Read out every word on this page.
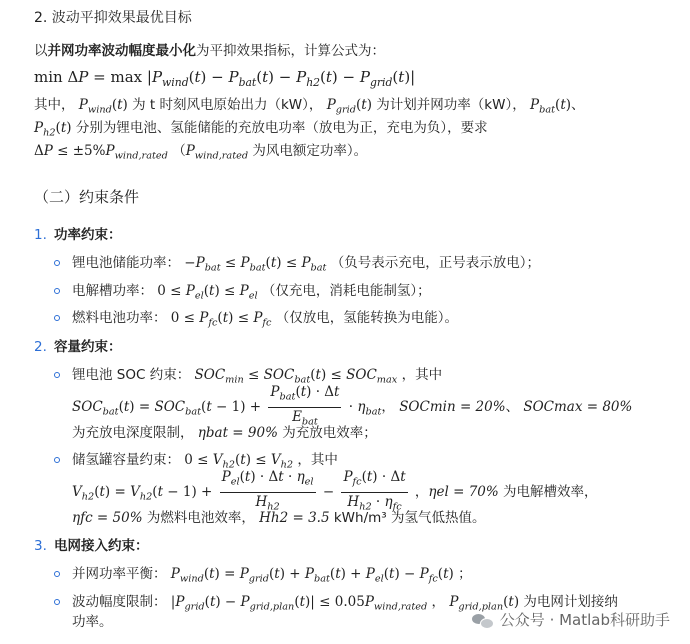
2. 波动平抑效果最优目标
以并网功率波动幅度最小化为平抑效果指标，计算公式为：
$\min \Delta P = \max |P_{wind}(t) - P_{bat}(t) - P_{h2}(t) - P_{grid}(t)|$
其中， $P_{wind}(t)$ 为 t 时刻风电原始出力（kW）， $P_{grid}(t)$ 为计划并网功率（kW）， $P_{bat}(t)$、
$P_{h2}(t)$ 分别为锂电池、氢能储能的充放电功率（放电为正，充电为负），要求
$\Delta P \le \pm 5\%P_{wind,rated}$ （$P_{wind,rated}$ 为风电额定功率）。
（二）约束条件
1. 功率约束：
锂电池储能功率： $-P_{bat} \le P_{bat}(t) \le P_{bat}$ （负号表示充电，正号表示放电）；
电解槽功率： $0 \le P_{el}(t) \le P_{el}$ （仅充电，消耗电能制氢）；
燃料电池功率： $0 \le P_{fc}(t) \le P_{fc}$ （仅放电，氢能转换为电能）。
2. 容量约束：
锂电池 SOC 约束： $SOC_{min} \le SOC_{bat}(t) \le SOC_{max}$ ，其中
$SOC_{bat}(t) = SOC_{bat}(t - 1) + \frac{P_{bat}(t) \cdot \Delta t}{E_{bat}} \cdot \eta_{bat}$， SOCmin = 20%、 SOCmax = 80%
为充放电深度限制， ηbat = 90% 为充放电效率；
储氢罐容量约束： $0 \le V_{h2}(t) \le V_{h2}$ ，其中
$V_{h2}(t) = V_{h2}(t - 1) + \frac{P_{el}(t) \cdot \Delta t \cdot \eta_{el}}{H_{h2}} - \frac{P_{fc}(t) \cdot \Delta t}{H_{h2} \cdot \eta_{fc}}$ ，ηel = 70% 为电解槽效率，
ηfc = 50% 为燃料电池效率， Hh2 = 3.5 kWh/m³ 为氢气低热值。
3. 电网接入约束：
并网功率平衡： $P_{wind}(t) = P_{grid}(t) + P_{bat}(t) + P_{el}(t) - P_{fc}(t)$ ；
波动幅度限制： $|P_{grid}(t) - P_{grid,plan}(t)| \le 0.05P_{wind,rated}$ ， $P_{grid,plan}(t)$ 为电网计划接纳
功率。	公众号 · Matlab科研助手
